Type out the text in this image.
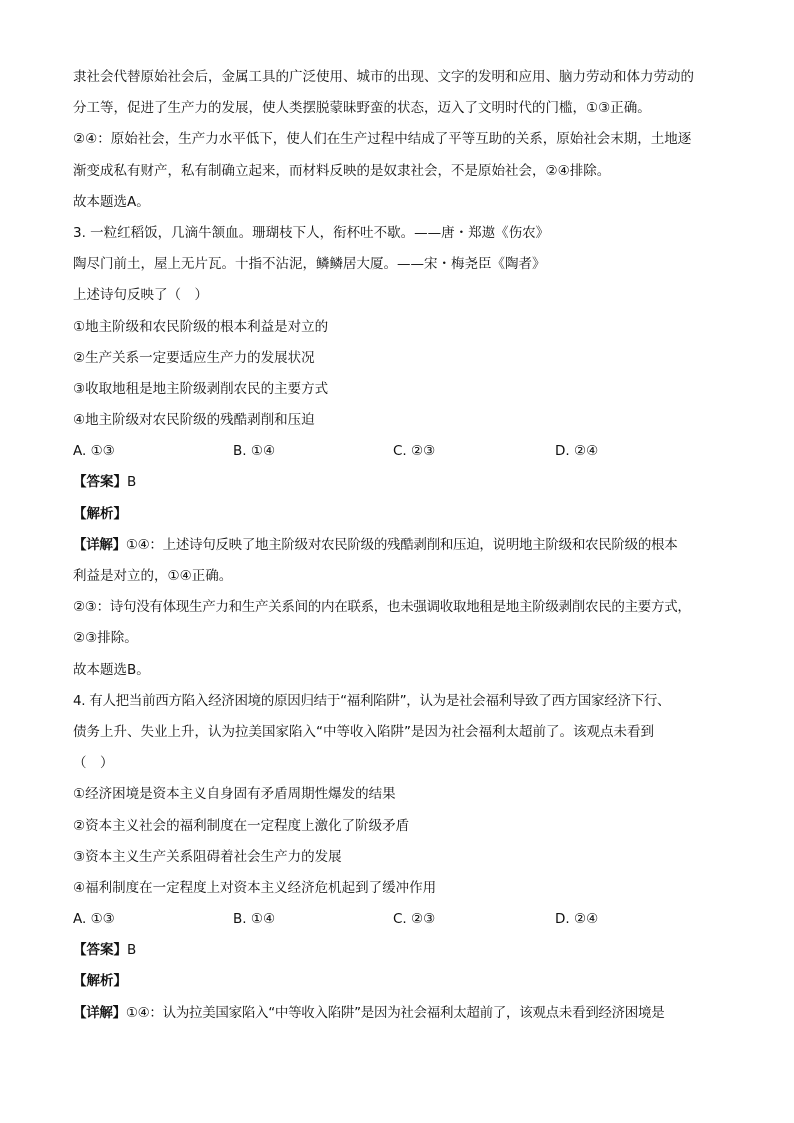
隶社会代替原始社会后，金属工具的广泛使用、城市的出现、文字的发明和应用、脑力劳动和体力劳动的
分工等，促进了生产力的发展，使人类摆脱蒙昧野蛮的状态，迈入了文明时代的门槛，①③正确。
②④：原始社会，生产力水平低下，使人们在生产过程中结成了平等互助的关系，原始社会末期，土地逐
渐变成私有财产，私有制确立起来，而材料反映的是奴隶社会，不是原始社会，②④排除。
故本题选A。
3. 一粒红稻饭，几滴牛颔血。珊瑚枝下人，衔杯吐不歇。——唐・郑遨《伤农》
陶尽门前土，屋上无片瓦。十指不沾泥，鳞鳞居大厦。——宋・梅尧臣《陶者》
上述诗句反映了（　）
①地主阶级和农民阶级的根本利益是对立的
②生产关系一定要适应生产力的发展状况
③收取地租是地主阶级剥削农民的主要方式
④地主阶级对农民阶级的残酷剥削和压迫
A. ①③	B. ①④	C. ②③	D. ②④
【答案】B
【解析】
【详解】①④：上述诗句反映了地主阶级对农民阶级的残酷剥削和压迫，说明地主阶级和农民阶级的根本
利益是对立的，①④正确。
②③：诗句没有体现生产力和生产关系间的内在联系，也未强调收取地租是地主阶级剥削农民的主要方式，
②③排除。
故本题选B。
4. 有人把当前西方陷入经济困境的原因归结于“福利陷阱”，认为是社会福利导致了西方国家经济下行、
债务上升、失业上升，认为拉美国家陷入“中等收入陷阱”是因为社会福利太超前了。该观点未看到
（　）
①经济困境是资本主义自身固有矛盾周期性爆发的结果
②资本主义社会的福利制度在一定程度上激化了阶级矛盾
③资本主义生产关系阻碍着社会生产力的发展
④福利制度在一定程度上对资本主义经济危机起到了缓冲作用
A. ①③	B. ①④	C. ②③	D. ②④
【答案】B
【解析】
【详解】①④：认为拉美国家陷入“中等收入陷阱”是因为社会福利太超前了，该观点未看到经济困境是
